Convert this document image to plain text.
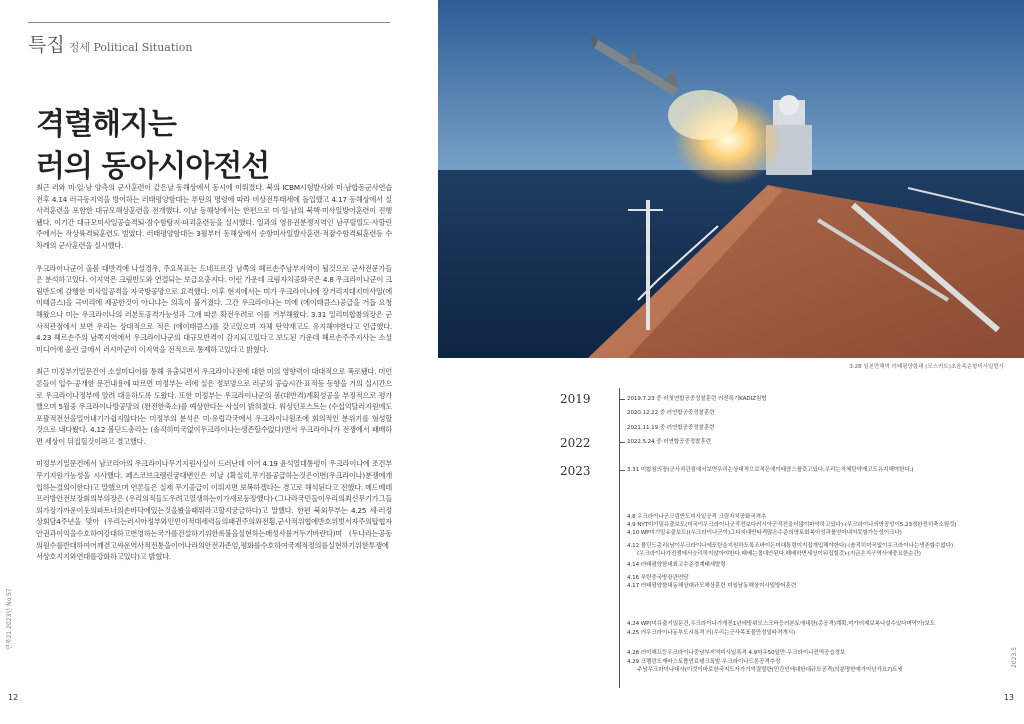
특집 정세 Political Situation
격렬해지는
러의 동아시아전선

최근 러와 미·일·남 양측의 군사훈련이 같은날 동해상에서 동시에 이뤄졌다. 북의 ICBM시험발사와 미·남합동군사연습전후 4.14 러극동지역을 방어하는 러태평양함대는 푸틴의 명령에 따라 비상전투태세에 돌입했고 4.17 동해상에서 실사격훈련을 포함한 대규모해상훈련을 전개했다. 이날 동해상에서는 한편으로 미·일·남의 북핵·미사일방어훈련이 진행됐다. 이기간 대규모미사일공습격퇴·잠수함탐지·파괴훈련등을 실시했다. 일과의 영유권분쟁지역인 남쿠릴열도·사할린주에서는 작상륙격퇴훈련도 벌였다. 러태평양함대는 3월부터 동해상에서 순항미사일발사훈련·적잠수함격퇴훈련등 수차례의 군사훈련을 실시했다.

우크라이나군이 올봄 대반격에 나설경우, 주요목표는 드네프르강 남쪽의 헤르손주남부지역이 될것으로 군사전문가들은 분석하고있다. 이지역은 크림반도와 연결되는 보급요충지다. 이런 가운데 크림자치공화국은 4.8 우크라이나군이 크림반도에 감행한 미사일공격을 자국방공망으로 요격했다. 이후 현지에서는 미가 우크라이나에 장거리지대지미사일(에이태큼스)을 극비리에 제공한것이 아니냐는 의혹이 불거졌다. 그간 우크라이나는 미에 (에이태큼스)공급을 거듭 요청해왔으나 미는 우크라이나의 러본토공격가능성과 그에 따른 확전우려로 이를 거부해왔다. 3.31 밀리미합참의장은 군사적관점에서 보면 우리는 상대적으로 적은 (에이태큼스)를 갖고있으며 자체 탄약재고도 유지해야한다고 언급했다. 4.23 헤르손주의 남쪽지역에서 우크라이나군의 대규모반격이 감지되고있다고 보도된 가운데 헤르손주주지사는 소셜미디어에 올린 글에서 러시아군이 이지역을 전적으로 통제하고있다고 밝혔다.

최근 미정부기밀문건이 소셜미디어를 통해 유출되면서 우크라이나전에 대한 미의 영향력이 대대적으로 폭로됐다. 미언론들이 입수·공개한 문건내용에 따르면 미정부는 러에 실은 정보망으로 러군의 공습시간·표적등 동향을 거의 실시간으로 우크라이나정부에 알려 대응하도록 도왔다. 또한 미정부는 우크라이나군의 봄(대반격)계획성공을 부정적으로 평가했으며 5월중 우크라이나방공망의 (완전한축소)를 예상한다는 사실이 밝혀졌다. 워싱턴포스트는 (수십억달러지원에도포괄적전선을밀어내기가쉽지않다)는 미정부의 분석은 미·유럽각국에서 우크라이나원조에 회의적인 분위기를 형성할것으로 내다봤다. 4.12 볼딘드총리는 (솔직히미국없이우크라이나는생존할수없다)면서 우크라이나가 전쟁에서 패배하면 세상이 뒤집힐것이라고 경고했다.

미정부기밀문건에서 남코리아의 우크라이나무기지원사실이 드러난데 이어 4.19 윤석열대통령이 우크라이나에 조건부무기지원가능성을 시사했다. 페스코브크렘린궁대변인은 이날 (확실히,무기를공급하는것은이번(우크라이나)분쟁에개입하는결의이한다)고 말했으며 언론들은 실제 무기공급이 이뤄지면 보복하겠다는 경고로 해석된다고 전했다. 메드베데프러방안전보장회의부의장은 (우리의적들도우려고열생하는이가새로등장했다)·(그나라국민들이우리의최신무기가그들의가장가까운이웃의파트너의손바닥에있는것을봤을때뭐라고할지궁금하다)고 말했다. 한편 북외무부는 4.25 세·러정상회담4주년을 맞아 (우리는러시아정부와인민이적대세력들의패권주의와전횡,군사적위협에반호위벗서자주의탑협자안권과이익을수호하여강대하고번영하는국가를건설하기위한록불을실현하는매성사를거두기바란다)며 (두나라는공동의원수를반대하여어깨겯고싸운역사적전통을이어나라의안전과존엄,평화를수호하여국제적정의를실현하기위한투쟁에서상호지지와연대를강화하고있다)고 밝혔다.

민족21 2023년 No.57
12
3.28 일본만해역 러태평양함대 (모스키트)초음속순항미사일발사
2019
2022
2023
2019.7.23 중·러첫연합공중정찰훈련 러전폭기KADIZ침범
2020.12.22 중·러연합공중정찰훈련
2021.11.19 중·러연합공중정찰훈련
2022.5.24 중·러연합공중정찰훈련
3.31 미합참의장(군사적관점에서보면우리는상대적으로적은에이태큼스를갖고있다,우리는자체탄약재고도유지해야한다.)
4.8 우크라이나군크림반도미사일공격 크림자치공화국격추
4.9 NYT미기밀유출보도(미국이우크라이나군작전보다러시아군작전을더많이파악하고있다)·(우크라이나의방공망이5.23경완전히축소될것)
4.10 WP미기밀유출보도((우크라이나군이)그디지대반타격많은수준의영토회복이성과를얻어내지못할가능성이크다)
4.12 볼딘드총리(남이우크라이나에포탄을지원하도록조바이든미대통령이지접개입해야한다)·(솔직히미국없이우크라이나는생존할수없다)
(우크라이나가전쟁에서승리하지않아야한다.패배는절대안된다.패배하면세상이뒤집힐것)·(지금은지구역사에중요한순간)
4.14 러태평양함대최고수준경계태세발령
4.16 푸틴중국방장관면담
4.17 러태평양함대동해상대규모해상훈련 미일남동해상미사일방어훈련
4.24 WP(미유출기밀문건,우크라이나가개전1년에방위모스크바등러본토에대한(총공격)계획,미가러제보복나설수있다며막아)보도
4.25 러우크라이나동부도시폭격 러(우리는군사목표물만정밀타격개시)
4.28 러미해프등우크라이나중남부지역미사일폭격 4.9미우50일만·우크라이나전역공습경보
4.29 크렘린도재바스토폴연료탱크폭발·우크라이나드론공격추정
주남우크라이나대사(이것이바로한국지도자가기억결렬한(민간인에대한대규모공격)의분명한예가아닌가요?)트윗
2023.5
13
